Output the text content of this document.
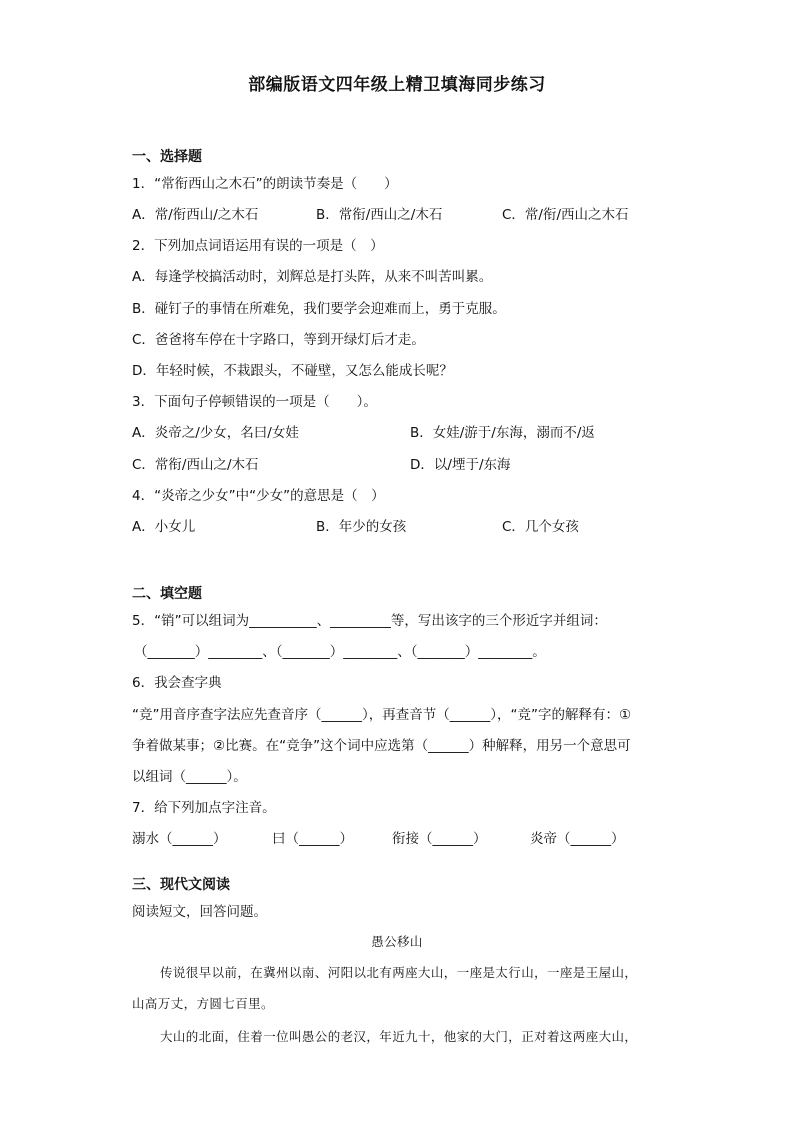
部编版语文四年级上精卫填海同步练习
一、选择题
1．“常衔西山之木石”的朗读节奏是（　　）
A．常/衔西山/之木石	B．常衔/西山之/木石	C．常/衔/西山之木石
2．下列加点词语运用有误的一项是（　）
A．每逢学校搞活动时，刘辉总是打头阵，从来不叫苦叫累。
B．碰钉子的事情在所难免，我们要学会迎难而上，勇于克服。
C．爸爸将车停在十字路口，等到开绿灯后才走。
D．年轻时候，不栽跟头，不碰壁，又怎么能成长呢？
3．下面句子停顿错误的一项是（　　）。
A．炎帝之/少女，名曰/女娃	B．女娃/游于/东海，溺而不/返
C．常衔/西山之/木石	D．以/堙于/东海
4．“炎帝之少女”中“少女”的意思是（　）
A．小女儿	B．年少的女孩	C．几个女孩
二、填空题
5．“销”可以组词为__________、_________等，写出该字的三个形近字并组词：
（_______）________、（_______）________、（_______）________。
6．我会查字典
“竞”用音序查字法应先查音序（______），再查音节（______），“竞”字的解释有：①
争着做某事；②比赛。在“竞争”这个词中应选第（______）种解释，用另一个意思可
以组词（______）。
7．给下列加点字注音。
溺水（______）	曰（______）	衔接（______）	炎帝（______）
三、现代文阅读
阅读短文，回答问题。
愚公移山
传说很早以前，在冀州以南、河阳以北有两座大山，一座是太行山，一座是王屋山，
山高万丈，方圆七百里。
大山的北面，住着一位叫愚公的老汉，年近九十，他家的大门，正对着这两座大山，
